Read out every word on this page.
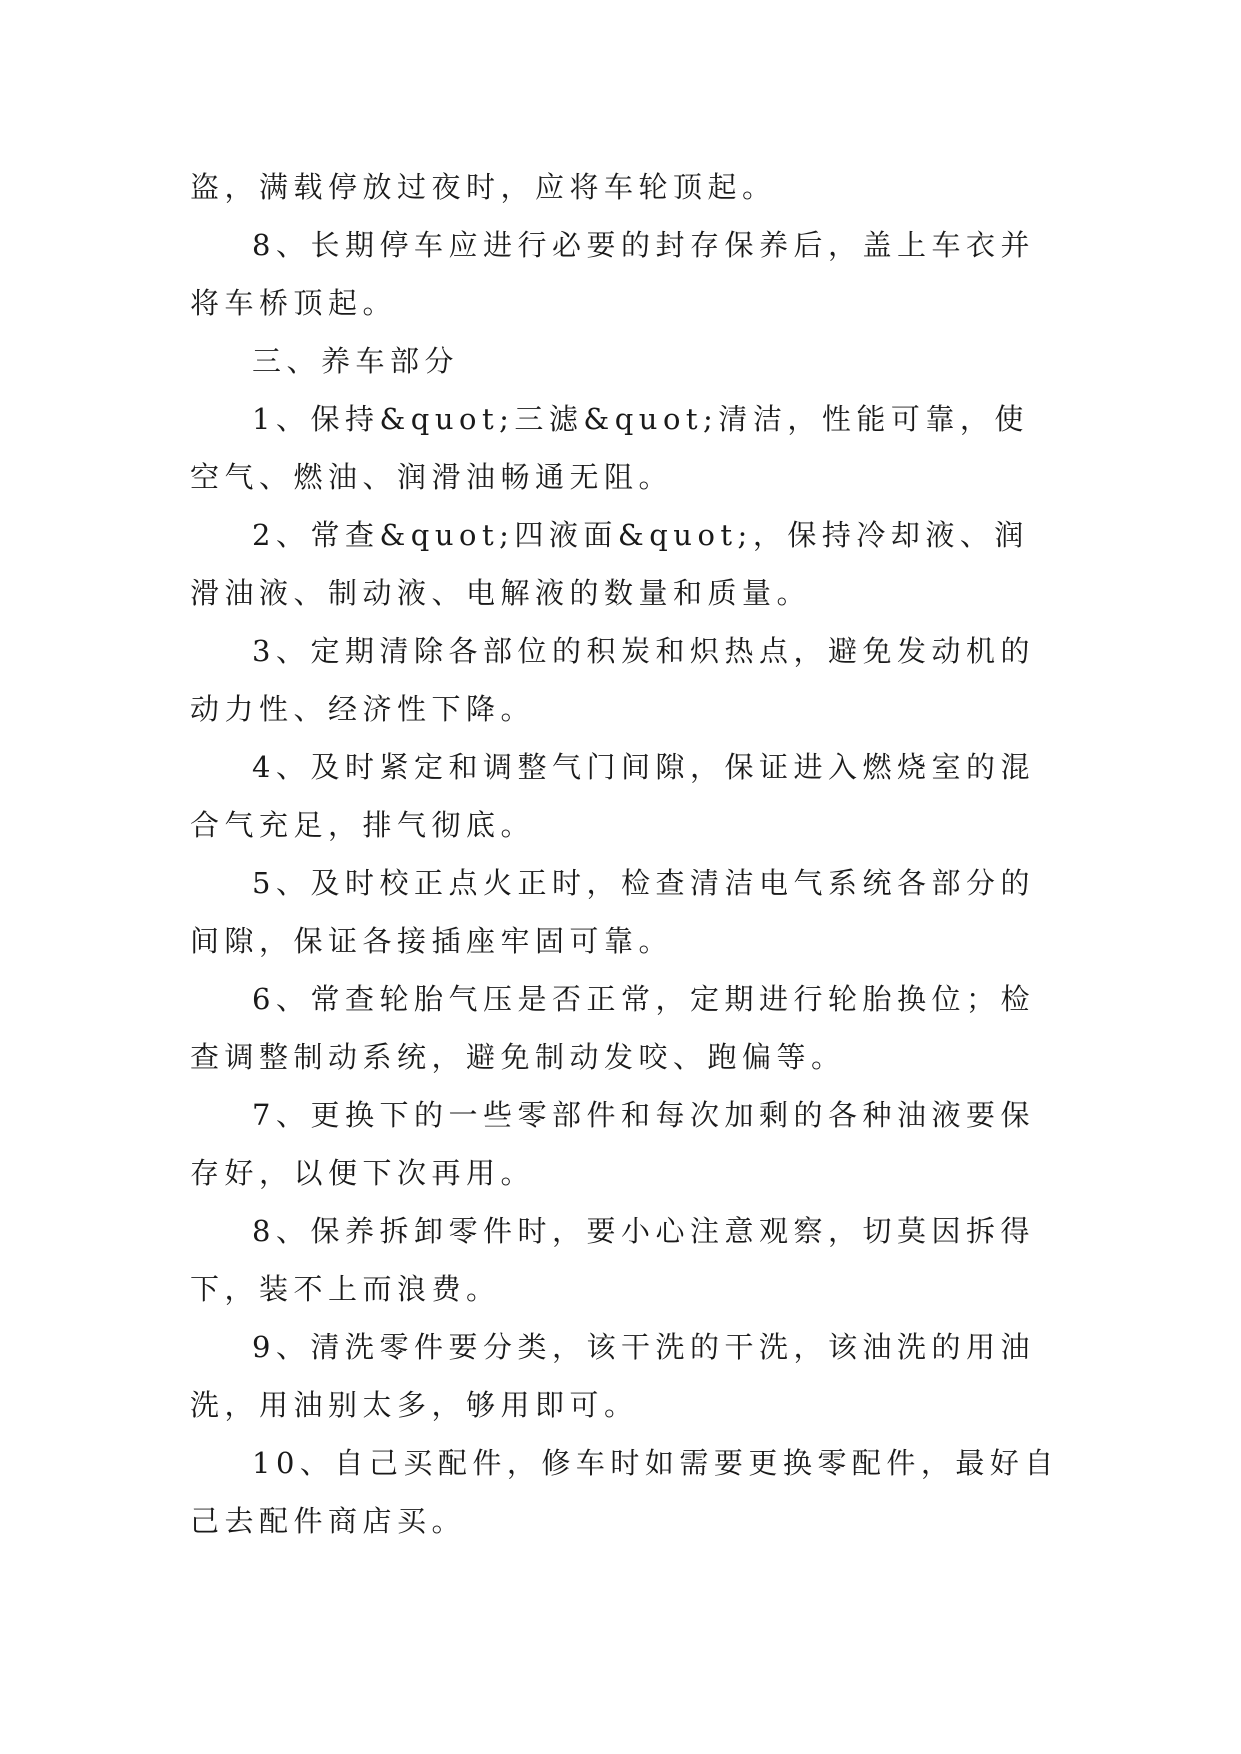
盗，满载停放过夜时，应将车轮顶起。

8、长期停车应进行必要的封存保养后，盖上车衣并将车桥顶起。

三、养车部分

1、保持&quot;三滤&quot;清洁，性能可靠，使空气、燃油、润滑油畅通无阻。

2、常查&quot;四液面&quot;，保持冷却液、润滑油液、制动液、电解液的数量和质量。

3、定期清除各部位的积炭和炽热点，避免发动机的动力性、经济性下降。

4、及时紧定和调整气门间隙，保证进入燃烧室的混合气充足，排气彻底。

5、及时校正点火正时，检查清洁电气系统各部分的间隙，保证各接插座牢固可靠。

6、常查轮胎气压是否正常，定期进行轮胎换位；检查调整制动系统，避免制动发咬、跑偏等。

7、更换下的一些零部件和每次加剩的各种油液要保存好，以便下次再用。

8、保养拆卸零件时，要小心注意观察，切莫因拆得下，装不上而浪费。

9、清洗零件要分类，该干洗的干洗，该油洗的用油洗，用油别太多，够用即可。

10、自己买配件，修车时如需要更换零配件，最好自己去配件商店买。
